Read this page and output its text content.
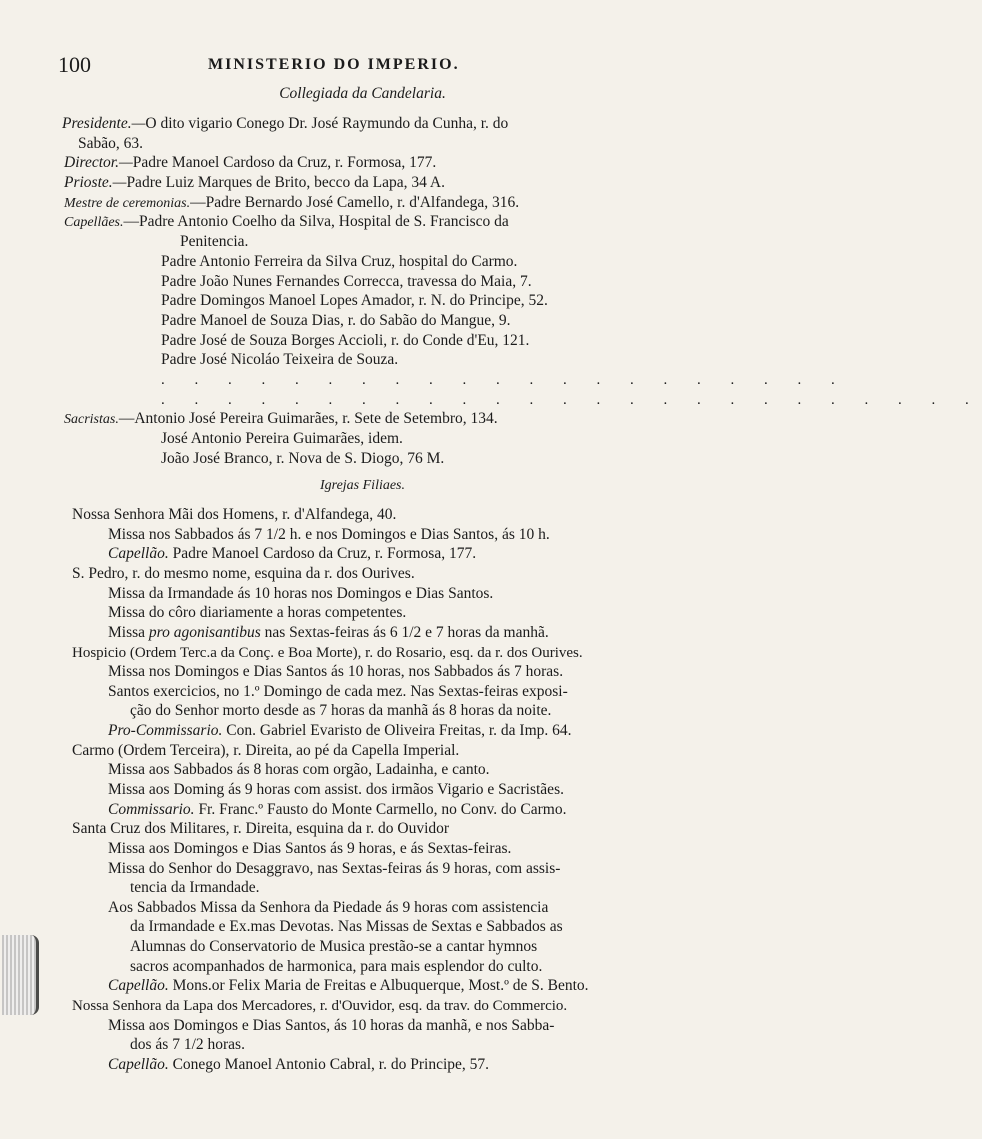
100	MINISTERIO DO IMPERIO.
Collegiada da Candelaria.
Presidente.—O dito vigario Conego Dr. José Raymundo da Cunha, r. do
Sabão, 63.
Director.—Padre Manoel Cardoso da Cruz, r. Formosa, 177.
Prioste.—Padre Luiz Marques de Brito, becco da Lapa, 34 A.
Mestre de ceremonias.—Padre Bernardo José Camello, r. d'Alfandega, 316.
Capellães.—Padre Antonio Coelho da Silva, Hospital de S. Francisco da
Penitencia.
Padre Antonio Ferreira da Silva Cruz, hospital do Carmo.
Padre João Nunes Fernandes Correcca, travessa do Maia, 7.
Padre Domingos Manoel Lopes Amador, r. N. do Principe, 52.
Padre Manoel de Souza Dias, r. do Sabão do Mangue, 9.
Padre José de Souza Borges Accioli, r. do Conde d'Eu, 121.
Padre José Nicoláo Teixeira de Souza.
. . . . . . . . . . . . . . . . . . . . .
. . . . . . . . . . . . . . . . . . . . . . . . .
Sacristas.—Antonio José Pereira Guimarães, r. Sete de Setembro, 134.
José Antonio Pereira Guimarães, idem.
João José Branco, r. Nova de S. Diogo, 76 M.
Igrejas Filiaes.
Nossa Senhora Mãi dos Homens, r. d'Alfandega, 40.
Missa nos Sabbados ás 7 1/2 h. e nos Domingos e Dias Santos, ás 10 h.
Capellão. Padre Manoel Cardoso da Cruz, r. Formosa, 177.
S. Pedro, r. do mesmo nome, esquina da r. dos Ourives.
Missa da Irmandade ás 10 horas nos Domingos e Dias Santos.
Missa do côro diariamente a horas competentes.
Missa pro agonisantibus nas Sextas-feiras ás 6 1/2 e 7 horas da manhã.
Hospicio (Ordem Terc.a da Conç. e Boa Morte), r. do Rosario, esq. da r. dos Ourives.
Missa nos Domingos e Dias Santos ás 10 horas, nos Sabbados ás 7 horas.
Santos exercicios, no 1.º Domingo de cada mez. Nas Sextas-feiras exposi-
ção do Senhor morto desde as 7 horas da manhã ás 8 horas da noite.
Pro-Commissario. Con. Gabriel Evaristo de Oliveira Freitas, r. da Imp. 64.
Carmo (Ordem Terceira), r. Direita, ao pé da Capella Imperial.
Missa aos Sabbados ás 8 horas com orgão, Ladainha, e canto.
Missa aos Doming ás 9 horas com assist. dos irmãos Vigario e Sacristães.
Commissario. Fr. Franc.º Fausto do Monte Carmello, no Conv. do Carmo.
Santa Cruz dos Militares, r. Direita, esquina da r. do Ouvidor
Missa aos Domingos e Dias Santos ás 9 horas, e ás Sextas-feiras.
Missa do Senhor do Desaggravo, nas Sextas-feiras ás 9 horas, com assis-
tencia da Irmandade.
Aos Sabbados Missa da Senhora da Piedade ás 9 horas com assistencia
da Irmandade e Ex.mas Devotas. Nas Missas de Sextas e Sabbados as
Alumnas do Conservatorio de Musica prestão-se a cantar hymnos
sacros acompanhados de harmonica, para mais esplendor do culto.
Capellão. Mons.or Felix Maria de Freitas e Albuquerque, Most.º de S. Bento.
Nossa Senhora da Lapa dos Mercadores, r. d'Ouvidor, esq. da trav. do Commercio.
Missa aos Domingos e Dias Santos, ás 10 horas da manhã, e nos Sabba-
dos ás 7 1/2 horas.
Capellão. Conego Manoel Antonio Cabral, r. do Principe, 57.
